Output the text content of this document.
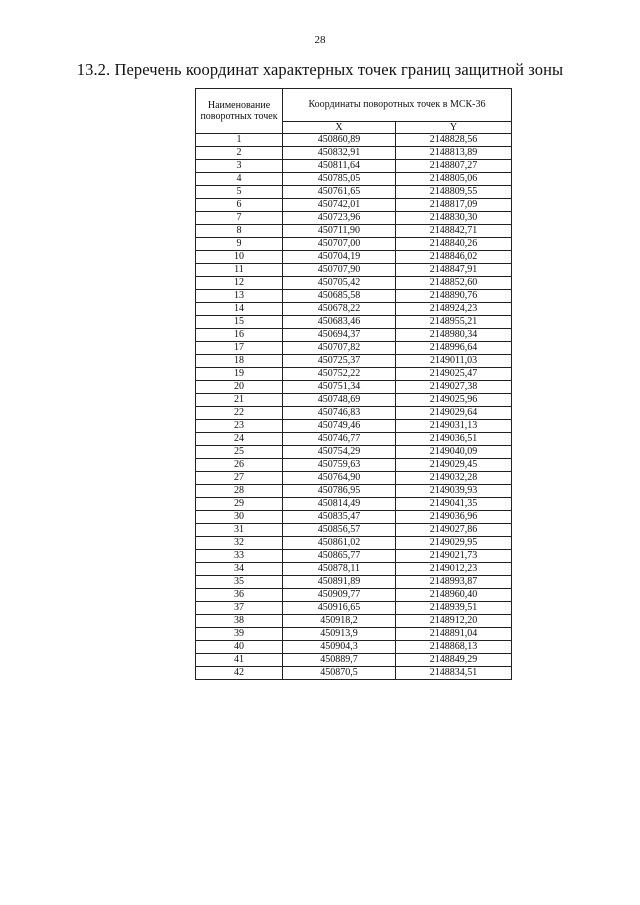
28
13.2. Перечень координат характерных точек границ защитной зоны
Наименование поворотных точек	Координаты поворотных точек в МСК-36	
	X	Y
1	450860,89	2148828,56
2	450832,91	2148813,89
3	450811,64	2148807,27
4	450785,05	2148805,06
5	450761,65	2148809,55
6	450742,01	2148817,09
7	450723,96	2148830,30
8	450711,90	2148842,71
9	450707,00	2148840,26
10	450704,19	2148846,02
11	450707,90	2148847,91
12	450705,42	2148852,60
13	450685,58	2148890,76
14	450678,22	2148924,23
15	450683,46	2148955,21
16	450694,37	2148980,34
17	450707,82	2148996,64
18	450725,37	2149011,03
19	450752,22	2149025,47
20	450751,34	2149027,38
21	450748,69	2149025,96
22	450746,83	2149029,64
23	450749,46	2149031,13
24	450746,77	2149036,51
25	450754,29	2149040,09
26	450759,63	2149029,45
27	450764,90	2149032,28
28	450786,95	2149039,93
29	450814,49	2149041,35
30	450835,47	2149036,96
31	450856,57	2149027,86
32	450861,02	2149029,95
33	450865,77	2149021,73
34	450878,11	2149012,23
35	450891,89	2148993,87
36	450909,77	2148960,40
37	450916,65	2148939,51
38	450918,2	2148912,20
39	450913,9	2148891,04
40	450904,3	2148868,13
41	450889,7	2148849,29
42	450870,5	2148834,51
